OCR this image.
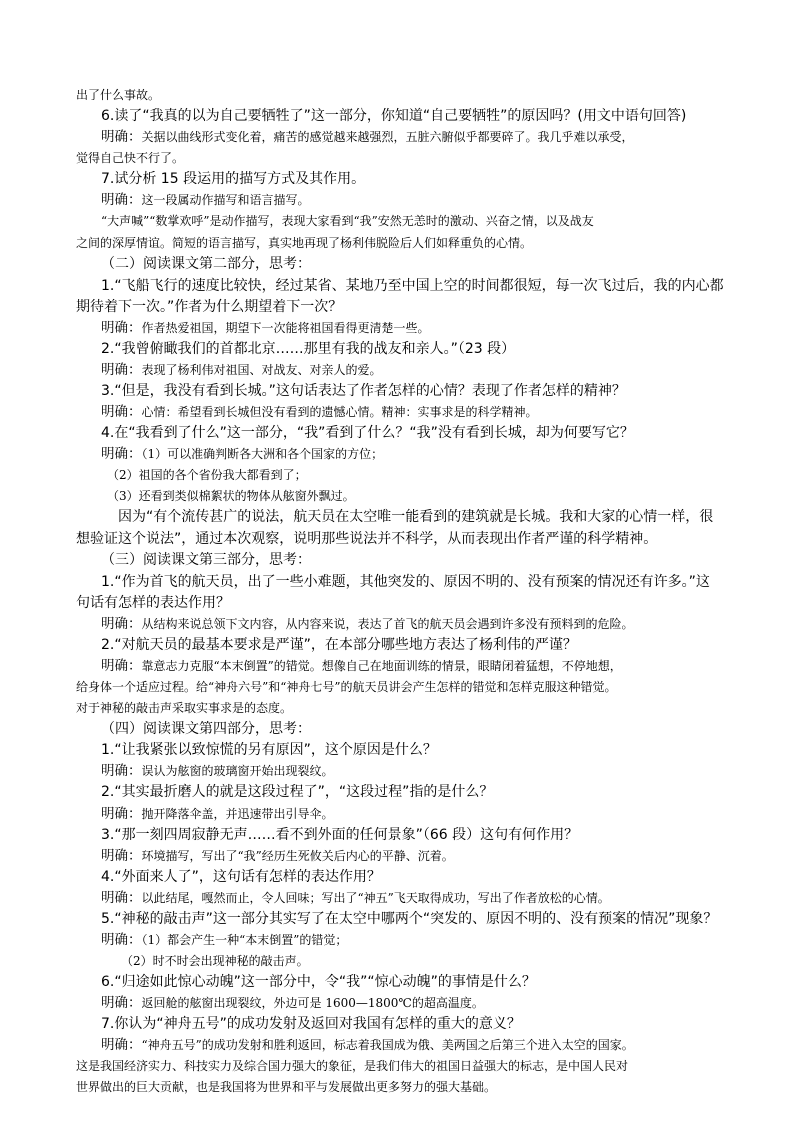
出了什么事故。
6.读了“我真的以为自己要牺牲了”这一部分，你知道“自己要牺牲”的原因吗？(用文中语句回答)
明确：关据以曲线形式变化着，痛苦的感觉越来越强烈，五脏六腑似乎都要碎了。我几乎难以承受，
觉得自己快不行了。
7.试分析 15 段运用的描写方式及其作用。
明确：这一段属动作描写和语言描写。
“大声喊”“数掌欢呼”是动作描写，表现大家看到“我”安然无恙时的激动、兴奋之情，以及战友
之间的深厚情谊。简短的语言描写，真实地再现了杨利伟脱险后人们如释重负的心情。
（二）阅读课文第二部分，思考：
1.“飞船飞行的速度比较快，经过某省、某地乃至中国上空的时间都很短，每一次飞过后，我的内心都
期待着下一次。”作者为什么期望着下一次？
明确：作者热爱祖国，期望下一次能将祖国看得更清楚一些。
2.“我曾俯瞰我们的首都北京……那里有我的战友和亲人。”（23 段）
明确：表现了杨利伟对祖国、对战友、对亲人的爱。
3.“但是，我没有看到长城。”这句话表达了作者怎样的心情？表现了作者怎样的精神？
明确：心情：希望看到长城但没有看到的遗憾心情。精神：实事求是的科学精神。
4.在“我看到了什么”这一部分，“我”看到了什么？“我”没有看到长城，却为何要写它？
明确：（1）可以准确判断各大洲和各个国家的方位；
（2）祖国的各个省份我大都看到了；
（3）还看到类似棉絮状的物体从舷窗外飘过。
因为“有个流传甚广的说法，航天员在太空唯一能看到的建筑就是长城。我和大家的心情一样，很
想验证这个说法”，通过本次观察，说明那些说法并不科学，从而表现出作者严谨的科学精神。
（三）阅读课文第三部分，思考：
1.“作为首飞的航天员，出了一些小难题，其他突发的、原因不明的、没有预案的情况还有许多。”这
句话有怎样的表达作用？
明确：从结构来说总领下文内容，从内容来说，表达了首飞的航天员会遇到许多没有预料到的危险。
2.“对航天员的最基本要求是严谨”，在本部分哪些地方表达了杨利伟的严谨？
明确：靠意志力克服“本末倒置”的错觉。想像自己在地面训练的情景，眼睛闭着猛想，不停地想，
给身体一个适应过程。给“神舟六号”和“神舟七号”的航天员讲会产生怎样的错觉和怎样克服这种错觉。
对于神秘的敲击声采取实事求是的态度。
（四）阅读课文第四部分，思考：
1.“让我紧张以致惊慌的另有原因”，这个原因是什么？
明确：误认为舷窗的玻璃窗开始出现裂纹。
2.“其实最折磨人的就是这段过程了”，“这段过程”指的是什么？
明确：抛开降落伞盖，并迅速带出引导伞。
3.“那一刻四周寂静无声……看不到外面的任何景象”（66 段）这句有何作用？
明确：环境描写，写出了“我”经历生死攸关后内心的平静、沉着。
4.“外面来人了”，这句话有怎样的表达作用？
明确：以此结尾，嘎然而止，令人回味；写出了“神五”飞天取得成功，写出了作者放松的心情。
5.“神秘的敲击声”这一部分其实写了在太空中哪两个“突发的、原因不明的、没有预案的情况”现象？
明确：（1）都会产生一种“本末倒置”的错觉；
（2）时不时会出现神秘的敲击声。
6.“归途如此惊心动魄”这一部分中，令“我”“惊心动魄”的事情是什么？
明确：返回舱的舷窗出现裂纹，外边可是 1600—1800℃的超高温度。
7.你认为“神舟五号”的成功发射及返回对我国有怎样的重大的意义？
明确：“神舟五号”的成功发射和胜利返回，标志着我国成为俄、美两国之后第三个进入太空的国家。
这是我国经济实力、科技实力及综合国力强大的象征，是我们伟大的祖国日益强大的标志，是中国人民对
世界做出的巨大贡献，也是我国将为世界和平与发展做出更多努力的强大基础。
